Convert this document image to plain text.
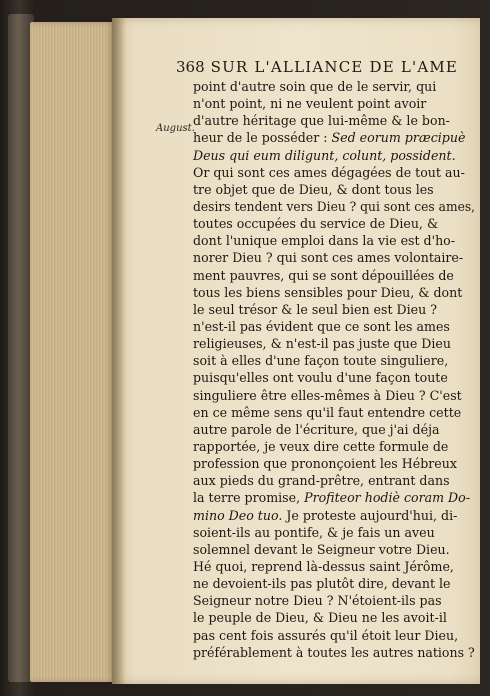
368 SUR L'ALLIANCE DE L'AME
August.
point d'autre soin que de le servir, qui
n'ont point, ni ne veulent point avoir
d'autre héritage que lui-même & le bon-
heur de le posséder : Sed eorum præcipuè
Deus qui eum diligunt, colunt, possident.
Or qui sont ces ames dégagées de tout au-
tre objet que de Dieu, & dont tous les
desirs tendent vers Dieu ? qui sont ces ames,
toutes occupées du service de Dieu, &
dont l'unique emploi dans la vie est d'ho-
norer Dieu ? qui sont ces ames volontaire-
ment pauvres, qui se sont dépouillées de
tous les biens sensibles pour Dieu, & dont
le seul trésor & le seul bien est Dieu ?
n'est-il pas évident que ce sont les ames
religieuses, & n'est-il pas juste que Dieu
soit à elles d'une façon toute singuliere,
puisqu'elles ont voulu d'une façon toute
singuliere être elles-mêmes à Dieu ? C'est
en ce même sens qu'il faut entendre cette
autre parole de l'écriture, que j'ai déja
rapportée, je veux dire cette formule de
profession que prononçoient les Hébreux
aux pieds du grand-prêtre, entrant dans
la terre promise, Profiteor hodiè coram Do-
mino Deo tuo. Je proteste aujourd'hui, di-
soient-ils au pontife, & je fais un aveu
solemnel devant le Seigneur votre Dieu.
Hé quoi, reprend là-dessus saint Jérôme,
ne devoient-ils pas plutôt dire, devant le
Seigneur notre Dieu ? N'étoient-ils pas
le peuple de Dieu, & Dieu ne les avoit-il
pas cent fois assurés qu'il étoit leur Dieu,
préférablement à toutes les autres nations ?
